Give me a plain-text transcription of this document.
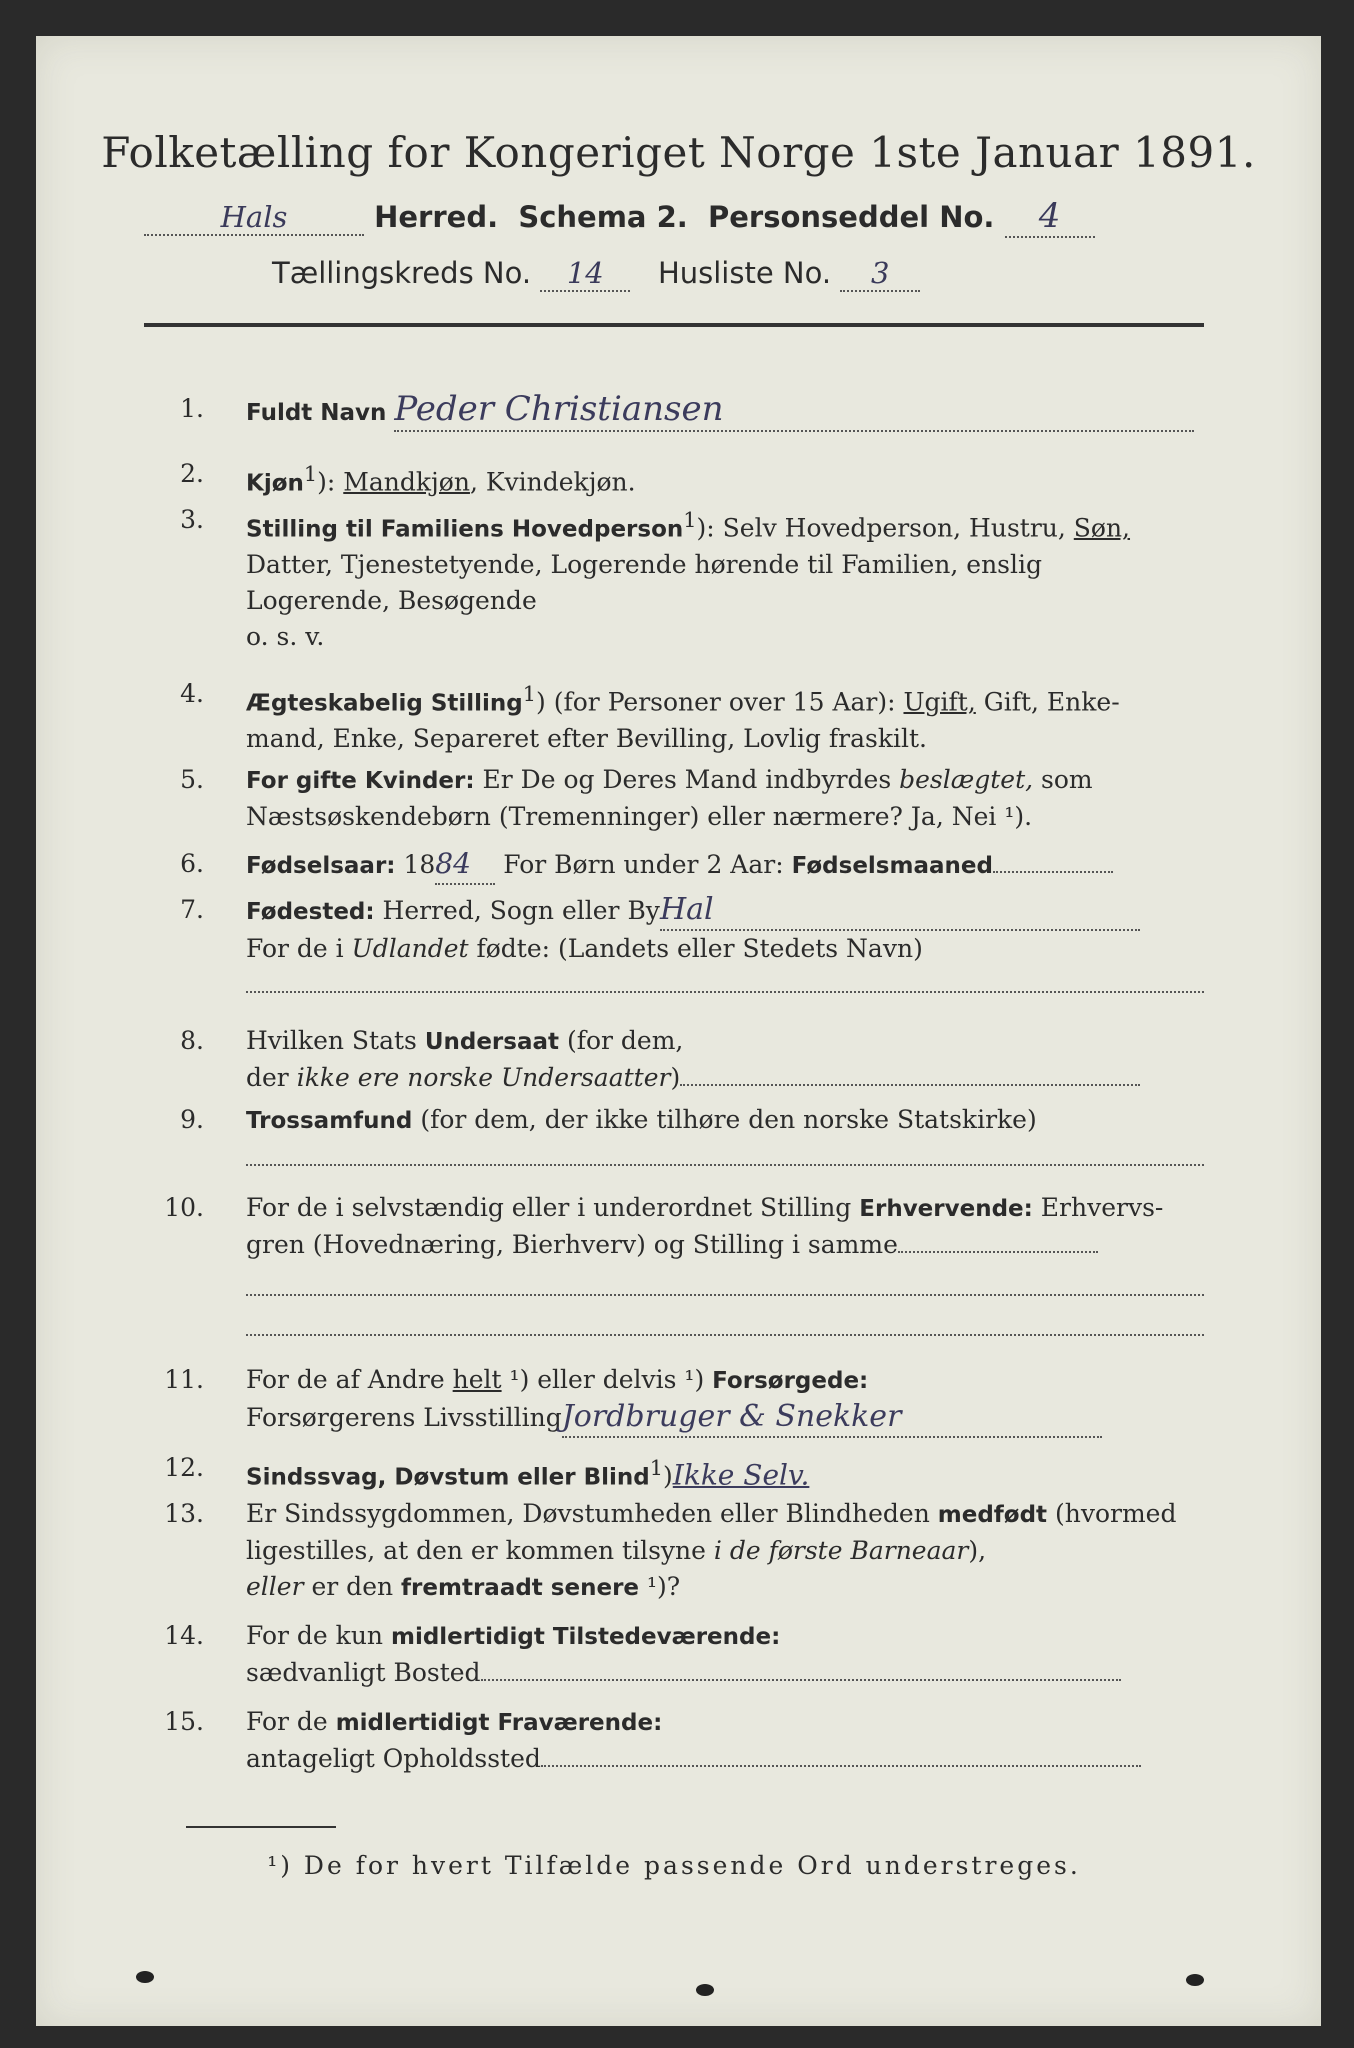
Folketælling for Kongeriget Norge 1ste Januar 1891.
Hals	Herred. Schema 2. Personseddel No. 4
Tællingskreds No. 14 Husliste No. 3
1. Fuldt Navn Peder Christiansen
2. Kjøn$^1$): Mandkjøn, Kvindekjøn.
3. Stilling til Familiens Hovedperson$^1$): Selv Hovedperson, Hustru, Søn,
Datter, Tjenestetyende, Logerende hørende til Familien, enslig
Logerende, Besøgende
o. s. v.
4. Ægteskabelig Stilling$^1$) (for Personer over 15 Aar): Ugift, Gift, Enke-
mand, Enke, Separeret efter Bevilling, Lovlig fraskilt.
5. For gifte Kvinder: Er De og Deres Mand indbyrdes beslægtet, som
Næstsøskendebørn (Tremenninger) eller nærmere? Ja, Nei ¹).
6. Fødselsaar: 1884 For Børn under 2 Aar: Fødselsmaaned
7. Fødested: Herred, Sogn eller ByHal
For de i Udlandet fødte: (Landets eller Stedets Navn)
8. Hvilken Stats Undersaat (for dem,
der ikke ere norske Undersaatter)
9. Trossamfund (for dem, der ikke tilhøre den norske Statskirke)
10. For de i selvstændig eller i underordnet Stilling Erhvervende: Erhvervs-
gren (Hovednæring, Bierhverv) og Stilling i samme
11. For de af Andre helt ¹) eller delvis ¹) Forsørgede:
Forsørgerens LivsstillingJordbruger & Snekker
12. Sindssvag, Døvstum eller Blind$^1$)Ikke Selv.
13. Er Sindssygdommen, Døvstumheden eller Blindheden medfødt (hvormed
ligestilles, at den er kommen tilsyne i de første Barneaar),
eller er den fremtraadt senere ¹)?
14. For de kun midlertidigt Tilstedeværende:
sædvanligt Bosted
15. For de midlertidigt Fraværende:
antageligt Opholdssted
¹) De for hvert Tilfælde passende Ord understreges.
